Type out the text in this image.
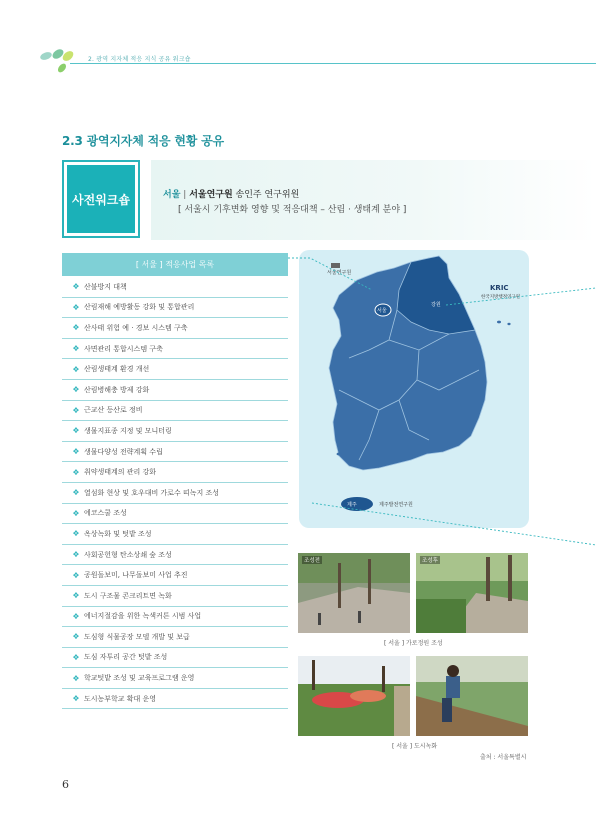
2. 광역 지자체 적응 지식 공유 워크숍
2.3 광역지자체 적응 현황 공유
사전워크숍	서울 | 서울연구원 송인주 연구위원
[ 서울시 기후변화 영향 및 적응대책 – 산림 · 생태계 분야 ]
[ 서울 ] 적응사업 목록
❖ 산불방지 대책
❖ 산림재해 예방활동 강화 및 통합관리
❖ 산사태 위험 예 · 경보 시스템 구축
❖ 사면관리 통합시스템 구축
❖ 산림생태계 환경 개선
❖ 산림병해충 방제 강화
❖ 근교산 등산로 정비
❖ 생물지표종 지정 및 모니터링
❖ 생물다양성 전략계획 수립
❖ 취약생태계의 관리 강화
❖ 열섬화 현상 및 호우대비 가로수 띠녹지 조성
❖ 에코스쿨 조성
❖ 옥상녹화 및 텃밭 조성
❖ 사회공헌형 탄소상쇄 숲 조성
❖ 공원돌보미, 나무돌보미 사업 추진
❖ 도시 구조물 콘크리트면 녹화
❖ 에너지절감을 위한 녹색커튼 시범 사업
❖ 도심형 식물공장 모델 개발 및 보급
❖ 도심 자투리 공간 텃밭 조성
❖ 학교텃밭 조성 및 교육프로그램 운영
❖ 도시농부학교 확대 운영
서울연구원
서울
강원
제주	제주발전연구원
KRIC
한국지방행정연구원
조성전	조성후
[ 서울 ] 가로정원 조성
[ 서울 ] 도시녹화
출처 : 서울특별시
6
